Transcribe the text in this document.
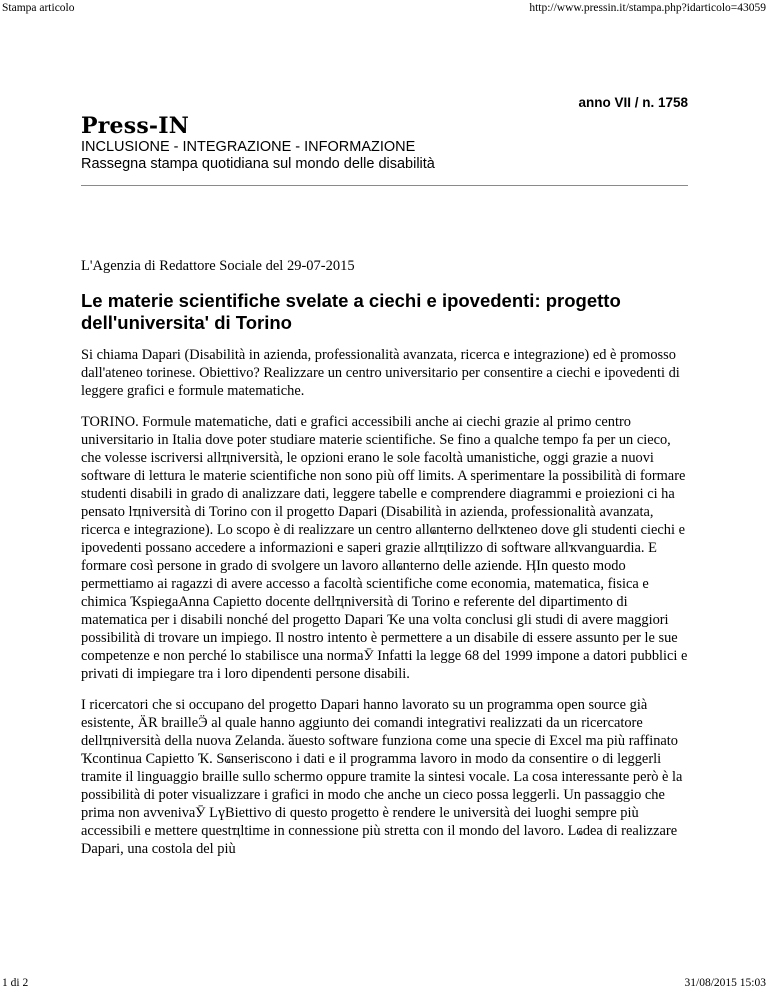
Stampa articolo	http://www.pressin.it/stampa.php?idarticolo=43059
anno VII / n. 1758
Press-IN
INCLUSIONE - INTEGRAZIONE - INFORMAZIONE
Rassegna stampa quotidiana sul mondo delle disabilità
L'Agenzia di Redattore Sociale del 29-07-2015
Le materie scientifiche svelate a ciechi e ipovedenti: progetto dell'universita' di Torino

Si chiama Dapari (Disabilità in azienda, professionalità avanzata, ricerca e integrazione) ed è promosso dall'ateneo torinese. Obiettivo? Realizzare un centro universitario per consentire a ciechi e ipovedenti di leggere grafici e formule matematiche.

TORINO. Formule matematiche, dati e grafici accessibili anche ai ciechi grazie al primo centro universitario in Italia dove poter studiare materie scientifiche. Se fino a qualche tempo fa per un cieco, che volesse iscriversi allҵniversità, le opzioni erano le sole facoltà umanistiche, oggi grazie a nuovi software di lettura le materie scientifiche non sono più off limits. A sperimentare la possibilità di formare studenti disabili in grado di analizzare dati, leggere tabelle e comprendere diagrammi e proiezioni ci ha pensato lҵniversità di Torino con il progetto Dapari (Disabilità in azienda, professionalità avanzata, ricerca e integrazione). Lo scopo è di realizzare un centro allҩnterno dellҡteneo dove gli studenti ciechi e ipovedenti possano accedere a informazioni e saperi grazie allҵtilizzo di software allҡvanguardia. E formare così persone in grado di svolgere un lavoro allҩnterno delle aziende. ӉIn questo modo permettiamo ai ragazzi di avere accesso a facoltà scientifiche come economia, matematica, fisica e chimica ҠspiegaAnna Capietto docente dellҵniversità di Torino e referente del dipartimento di matematica per i disabili nonché del progetto Dapari Ҡe una volta conclusi gli studi di avere maggiori possibilità di trovare un impiego. Il nostro intento è permettere a un disabile di essere assunto per le sue competenze e non perché lo stabilisce una normaӮ Infatti la legge 68 del 1999 impone a datori pubblici e privati di impiegare tra i loro dipendenti persone disabili.

I ricercatori che si occupano del progetto Dapari hanno lavorato su un programma open source già esistente, ӒR brailleӬ al quale hanno aggiunto dei comandi integrativi realizzati da un ricercatore dellҵniversità della nuova Zelanda. ӑuesto software funziona come una specie di Excel ma più raffinato Ҡcontinua Capietto Ҡ. Sҩnseriscono i dati e il programma lavoro in modo da consentire o di leggerli tramite il linguaggio braille sullo schermo oppure tramite la sintesi vocale. La cosa interessante però è la possibilità di poter visualizzare i grafici in modo che anche un cieco possa leggerli. Un passaggio che prima non avvenivaӮ LүBiettivo di questo progetto è rendere le università dei luoghi sempre più accessibili e mettere questҵltime in connessione più stretta con il mondo del lavoro. Lҩdea di realizzare Dapari, una costola del più

1 di 2	31/08/2015 15:03
